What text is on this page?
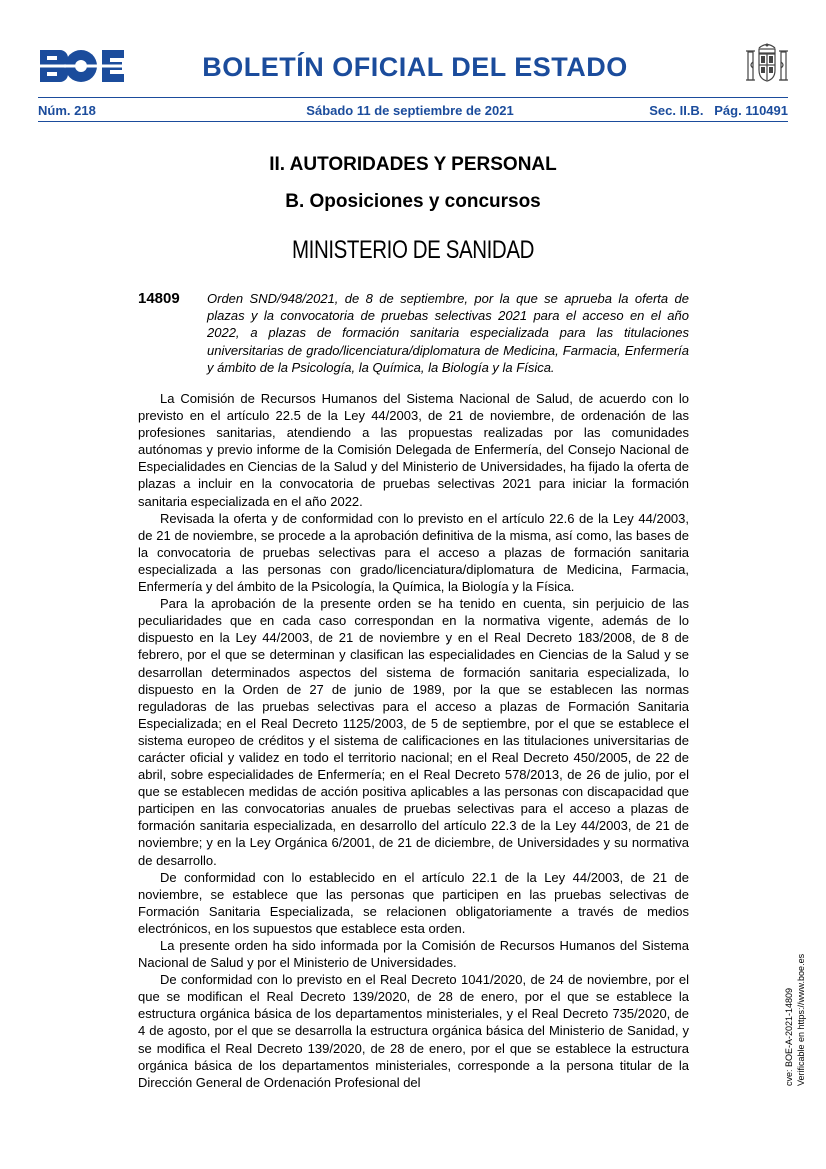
BOLETÍN OFICIAL DEL ESTADO
Núm. 218	Sábado 11 de septiembre de 2021	Sec. II.B.   Pág. 110491
II. AUTORIDADES Y PERSONAL
B. Oposiciones y concursos
MINISTERIO DE SANIDAD
14809 Orden SND/948/2021, de 8 de septiembre, por la que se aprueba la oferta de plazas y la convocatoria de pruebas selectivas 2021 para el acceso en el año 2022, a plazas de formación sanitaria especializada para las titulaciones universitarias de grado/licenciatura/diplomatura de Medicina, Farmacia, Enfermería y ámbito de la Psicología, la Química, la Biología y la Física.

La Comisión de Recursos Humanos del Sistema Nacional de Salud, de acuerdo con lo previsto en el artículo 22.5 de la Ley 44/2003, de 21 de noviembre, de ordenación de las profesiones sanitarias, atendiendo a las propuestas realizadas por las comunidades autónomas y previo informe de la Comisión Delegada de Enfermería, del Consejo Nacional de Especialidades en Ciencias de la Salud y del Ministerio de Universidades, ha fijado la oferta de plazas a incluir en la convocatoria de pruebas selectivas 2021 para iniciar la formación sanitaria especializada en el año 2022.

Revisada la oferta y de conformidad con lo previsto en el artículo 22.6 de la Ley 44/2003, de 21 de noviembre, se procede a la aprobación definitiva de la misma, así como, las bases de la convocatoria de pruebas selectivas para el acceso a plazas de formación sanitaria especializada a las personas con grado/licenciatura/diplomatura de Medicina, Farmacia, Enfermería y del ámbito de la Psicología, la Química, la Biología y la Física.

Para la aprobación de la presente orden se ha tenido en cuenta, sin perjuicio de las peculiaridades que en cada caso correspondan en la normativa vigente, además de lo dispuesto en la Ley 44/2003, de 21 de noviembre y en el Real Decreto 183/2008, de 8 de febrero, por el que se determinan y clasifican las especialidades en Ciencias de la Salud y se desarrollan determinados aspectos del sistema de formación sanitaria especializada, lo dispuesto en la Orden de 27 de junio de 1989, por la que se establecen las normas reguladoras de las pruebas selectivas para el acceso a plazas de Formación Sanitaria Especializada; en el Real Decreto 1125/2003, de 5 de septiembre, por el que se establece el sistema europeo de créditos y el sistema de calificaciones en las titulaciones universitarias de carácter oficial y validez en todo el territorio nacional; en el Real Decreto 450/2005, de 22 de abril, sobre especialidades de Enfermería; en el Real Decreto 578/2013, de 26 de julio, por el que se establecen medidas de acción positiva aplicables a las personas con discapacidad que participen en las convocatorias anuales de pruebas selectivas para el acceso a plazas de formación sanitaria especializada, en desarrollo del artículo 22.3 de la Ley 44/2003, de 21 de noviembre; y en la Ley Orgánica 6/2001, de 21 de diciembre, de Universidades y su normativa de desarrollo.

De conformidad con lo establecido en el artículo 22.1 de la Ley 44/2003, de 21 de noviembre, se establece que las personas que participen en las pruebas selectivas de Formación Sanitaria Especializada, se relacionen obligatoriamente a través de medios electrónicos, en los supuestos que establece esta orden.

La presente orden ha sido informada por la Comisión de Recursos Humanos del Sistema Nacional de Salud y por el Ministerio de Universidades.

De conformidad con lo previsto en el Real Decreto 1041/2020, de 24 de noviembre, por el que se modifican el Real Decreto 139/2020, de 28 de enero, por el que se establece la estructura orgánica básica de los departamentos ministeriales, y el Real Decreto 735/2020, de 4 de agosto, por el que se desarrolla la estructura orgánica básica del Ministerio de Sanidad, y se modifica el Real Decreto 139/2020, de 28 de enero, por el que se establece la estructura orgánica básica de los departamentos ministeriales, corresponde a la persona titular de la Dirección General de Ordenación Profesional del	cve: BOE-A-2021-14809 Verificable en https://www.boe.es
